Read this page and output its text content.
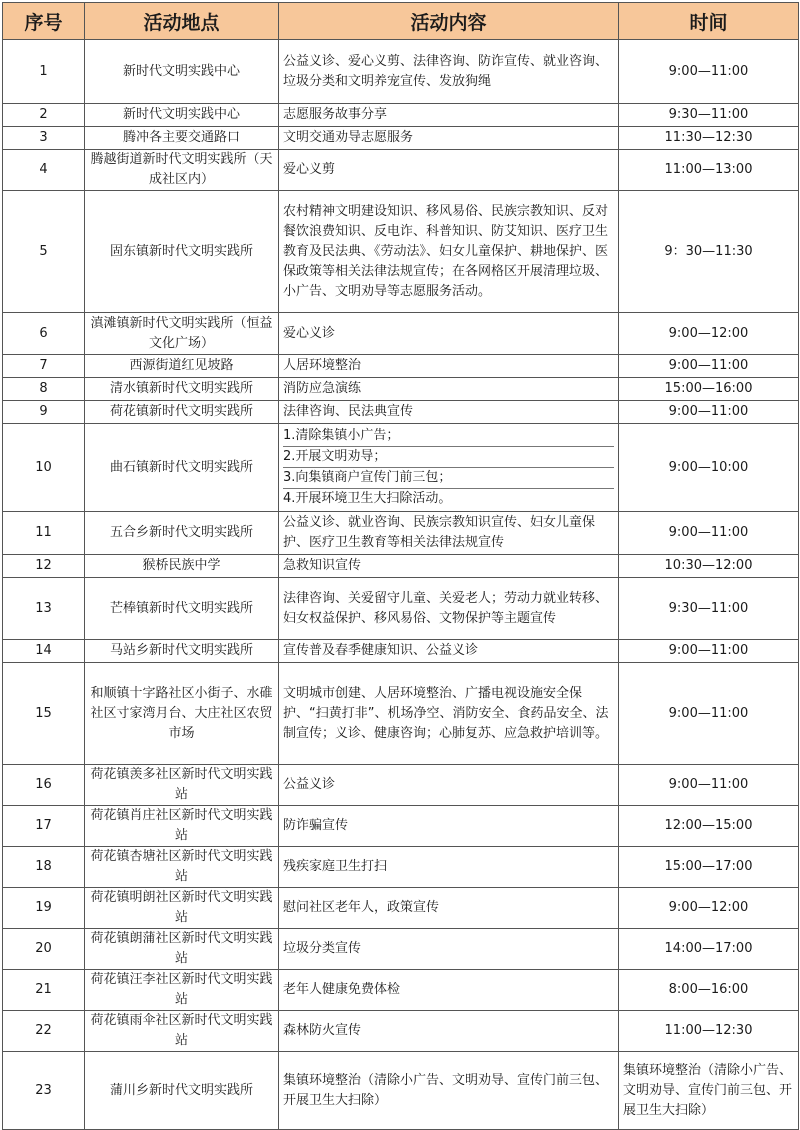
序号	活动地点	活动内容	时间
1	新时代文明实践中心	公益义诊、爱心义剪、法律咨询、防诈宣传、就业咨询、垃圾分类和文明养宠宣传、发放狗绳	9:00—11:00
2	新时代文明实践中心	志愿服务故事分享	9:30—11:00
3	腾冲各主要交通路口	文明交通劝导志愿服务	11:30—12:30
4	腾越街道新时代文明实践所（天成社区内）	爱心义剪	11:00—13:00
5	固东镇新时代文明实践所	农村精神文明建设知识、移风易俗、民族宗教知识、反对餐饮浪费知识、反电诈、科普知识、防艾知识、医疗卫生教育及民法典、《劳动法》、妇女儿童保护、耕地保护、医保政策等相关法律法规宣传；在各网格区开展清理垃圾、小广告、文明劝导等志愿服务活动。	9：30—11:30
6	滇滩镇新时代文明实践所（恒益文化广场）	爱心义诊	9:00—12:00
7	西源街道红见坡路	人居环境整治	9:00—11:00
8	清水镇新时代文明实践所	消防应急演练	15:00—16:00
9	荷花镇新时代文明实践所	法律咨询、民法典宣传	9:00—11:00
10	曲石镇新时代文明实践所	1.清除集镇小广告；
2.开展文明劝导；
3.向集镇商户宣传门前三包；
4.开展环境卫生大扫除活动。	9:00—10:00
11	五合乡新时代文明实践所	公益义诊、就业咨询、民族宗教知识宣传、妇女儿童保护、医疗卫生教育等相关法律法规宣传	9:00—11:00
12	猴桥民族中学	急救知识宣传	10:30—12:00
13	芒棒镇新时代文明实践所	法律咨询、关爱留守儿童、关爱老人；劳动力就业转移、妇女权益保护、移风易俗、文物保护等主题宣传	9:30—11:00
14	马站乡新时代文明实践所	宣传普及春季健康知识、公益义诊	9:00—11:00
15	和顺镇十字路社区小街子、水碓社区寸家湾月台、大庄社区农贸市场	文明城市创建、人居环境整治、广播电视设施安全保护、“扫黄打非”、机场净空、消防安全、食药品安全、法制宣传；义诊、健康咨询；心肺复苏、应急救护培训等。	9:00—11:00
16	荷花镇羡多社区新时代文明实践站	公益义诊	9:00—11:00
17	荷花镇肖庄社区新时代文明实践站	防诈骗宣传	12:00—15:00
18	荷花镇杏塘社区新时代文明实践站	残疾家庭卫生打扫	15:00—17:00
19	荷花镇明朗社区新时代文明实践站	慰问社区老年人，政策宣传	9:00—12:00
20	荷花镇朗蒲社区新时代文明实践站	垃圾分类宣传	14:00—17:00
21	荷花镇汪李社区新时代文明实践站	老年人健康免费体检	8:00—16:00
22	荷花镇雨伞社区新时代文明实践站	森林防火宣传	11:00—12:30
23	蒲川乡新时代文明实践所	集镇环境整治（清除小广告、文明劝导、宣传门前三包、开展卫生大扫除）	集镇环境整治（清除小广告、文明劝导、宣传门前三包、开展卫生大扫除）
